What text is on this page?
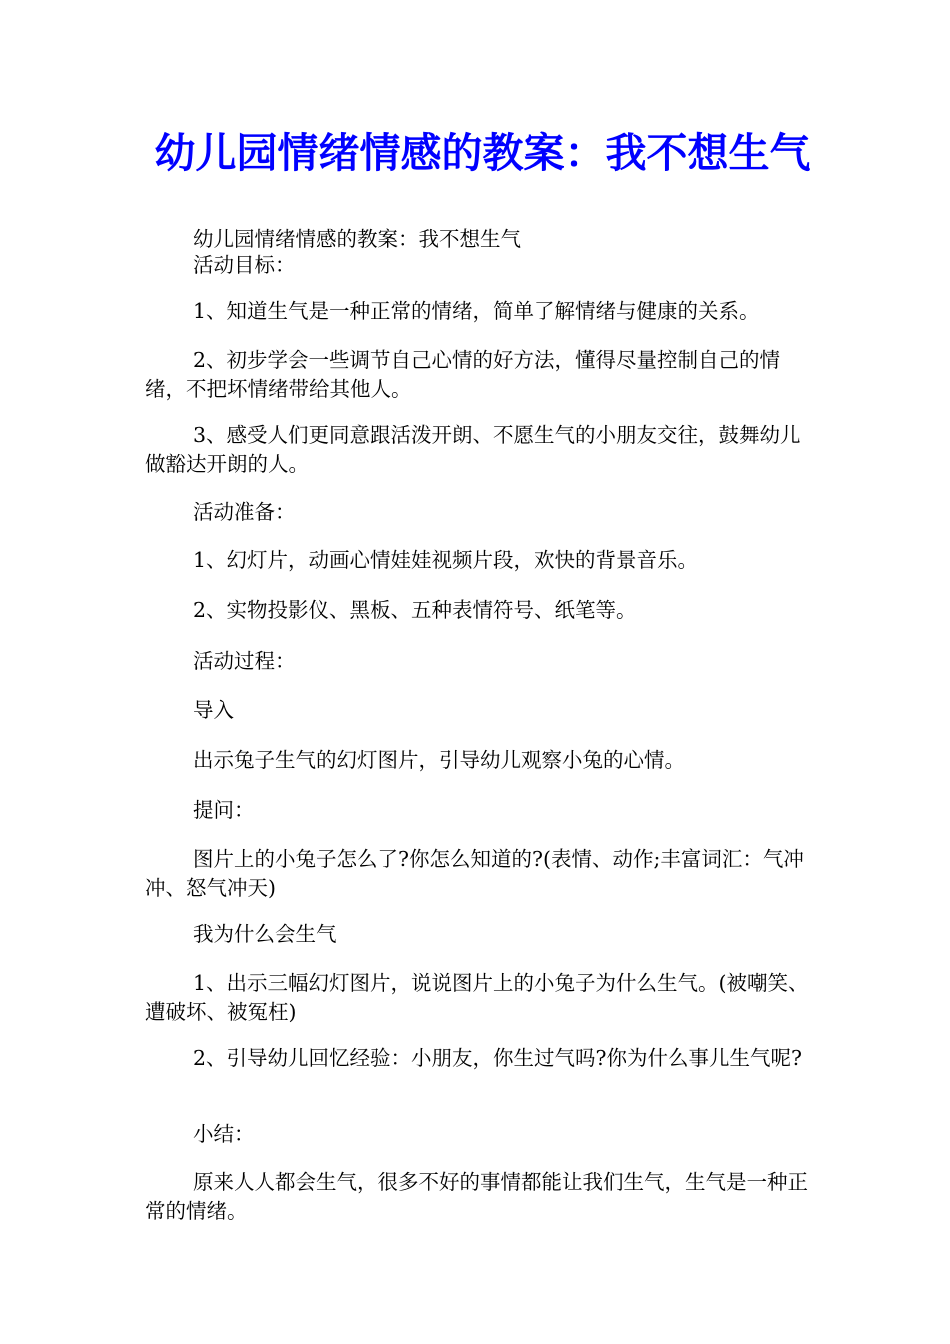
幼儿园情绪情感的教案：我不想生气

幼儿园情绪情感的教案：我不想生气

活动目标：

1、知道生气是一种正常的情绪，简单了解情绪与健康的关系。

2、初步学会一些调节自己心情的好方法，懂得尽量控制自己的情绪，不把坏情绪带给其他人。

3、感受人们更同意跟活泼开朗、不愿生气的小朋友交往，鼓舞幼儿做豁达开朗的人。

活动准备：

1、幻灯片，动画心情娃娃视频片段，欢快的背景音乐。

2、实物投影仪、黑板、五种表情符号、纸笔等。

活动过程：

导入

出示兔子生气的幻灯图片，引导幼儿观察小兔的心情。

提问：

图片上的小兔子怎么了?你怎么知道的?(表情、动作;丰富词汇：气冲冲、怒气冲天)

我为什么会生气

1、出示三幅幻灯图片，说说图片上的小兔子为什么生气。(被嘲笑、遭破坏、被冤枉)

2、引导幼儿回忆经验：小朋友，你生过气吗?你为什么事儿生气呢?

小结：

原来人人都会生气，很多不好的事情都能让我们生气，生气是一种正常的情绪。
